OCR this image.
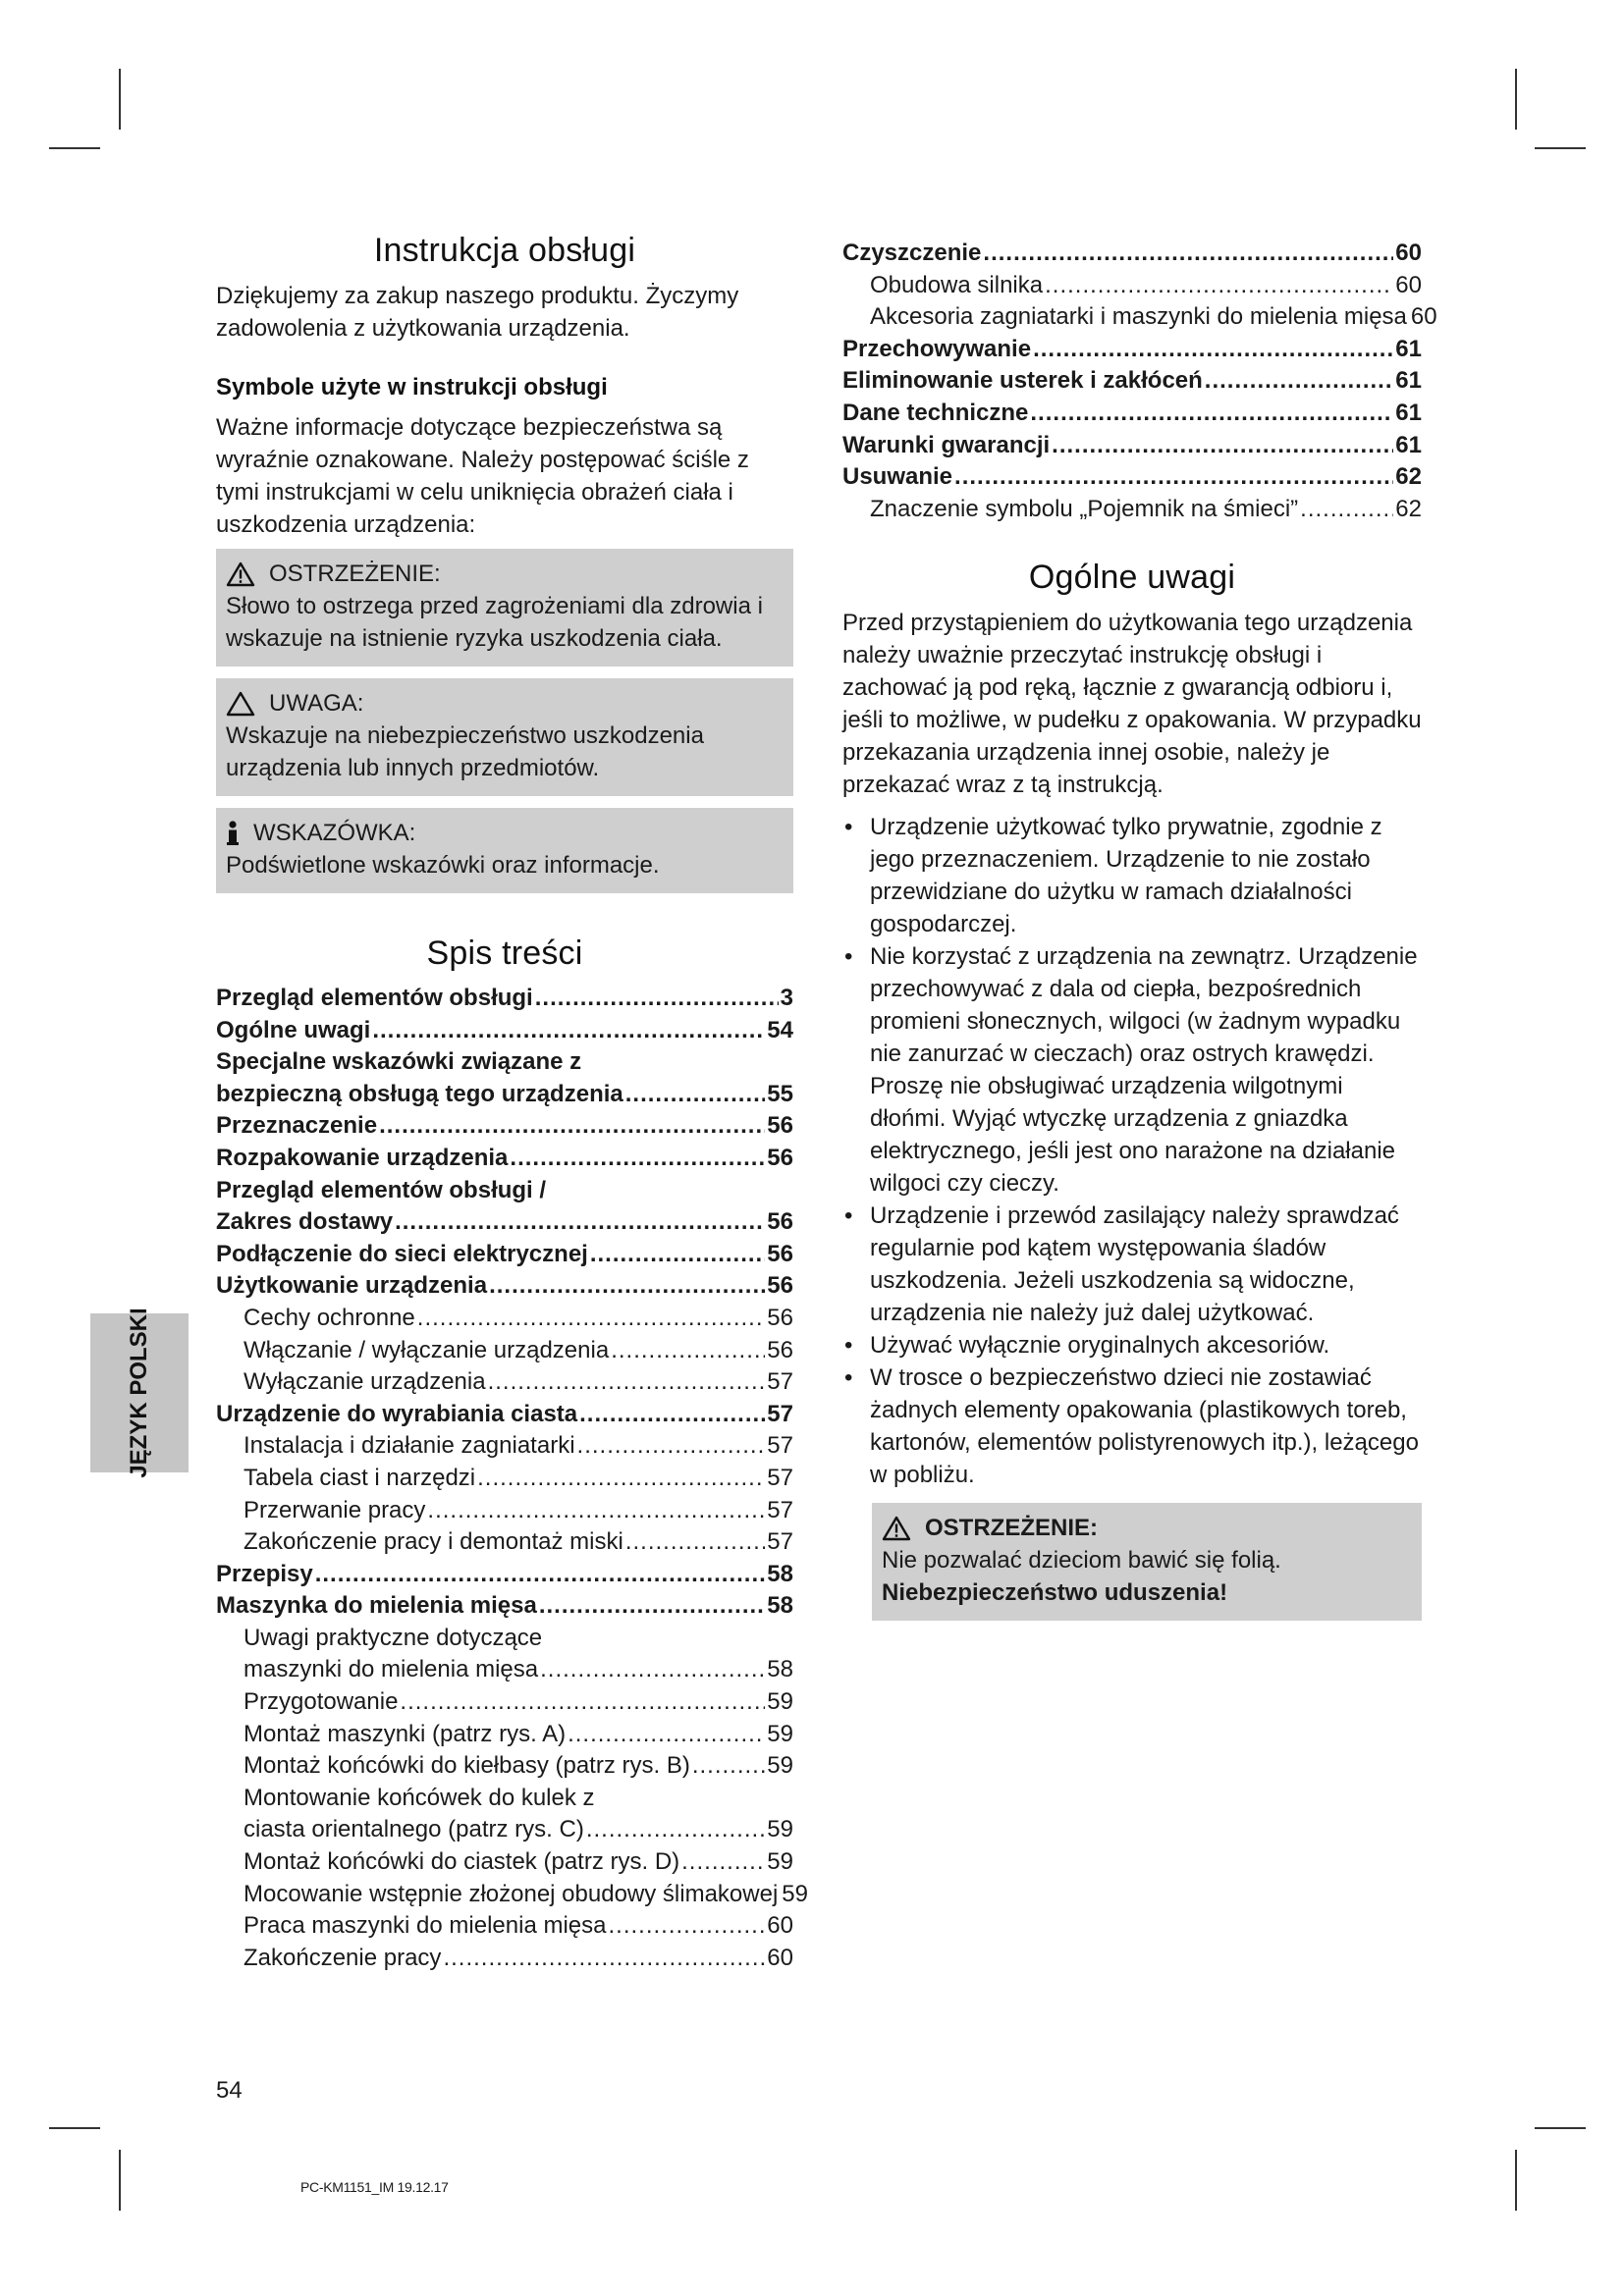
JĘZYK POLSKI
Instrukcja obsługi

Dziękujemy za zakup naszego produktu. Życzymy zadowolenia z użytkowania urządzenia.

Symbole użyte w instrukcji obsługi

Ważne informacje dotyczące bezpieczeństwa są wyraźnie oznakowane. Należy postępować ściśle z tymi instrukcjami w celu uniknięcia obrażeń ciała i uszkodzenia urządzenia:

OSTRZEŻENIE:
Słowo to ostrzega przed zagrożeniami dla zdrowia i wskazuje na istnienie ryzyka uszkodzenia ciała.
UWAGA:
Wskazuje na niebezpieczeństwo uszkodzenia urządzenia lub innych przedmiotów.
WSKAZÓWKA:
Podświetlone wskazówki oraz informacje.
Spis treści
Przegląd elementów obsługi .....	3
Ogólne uwagi .....	54
Specjalne wskazówki związane z
bezpieczną obsługą tego urządzenia .....	55
Przeznaczenie .....	56
Rozpakowanie urządzenia .....	56
Przegląd elementów obsługi /
Zakres dostawy .....	56
Podłączenie do sieci elektrycznej .....	56
Użytkowanie urządzenia .....	56
Cechy ochronne .....	56
Włączanie / wyłączanie urządzenia .....	56
Wyłączanie urządzenia .....	57
Urządzenie do wyrabiania ciasta .....	57
Instalacja i działanie zagniatarki .....	57
Tabela ciast i narzędzi .....	57
Przerwanie pracy .....	57
Zakończenie pracy i demontaż miski .....	57
Przepisy .....	58
Maszynka do mielenia mięsa .....	58
Uwagi praktyczne dotyczące
maszynki do mielenia mięsa .....	58
Przygotowanie .....	59
Montaż maszynki (patrz rys. A) .....	59
Montaż końcówki do kiełbasy (patrz rys. B) .....	59
Montowanie końcówek do kulek z
ciasta orientalnego (patrz rys. C) .....	59
Montaż końcówki do ciastek (patrz rys. D) .....	59
Mocowanie wstępnie złożonej obudowy ślimakowej 59
Praca maszynki do mielenia mięsa .....	60
Zakończenie pracy .....	60
Czyszczenie .....	60
Obudowa silnika .....	60
Akcesoria zagniatarki i maszynki do mielenia mięsa 60
Przechowywanie .....	61
Eliminowanie usterek i zakłóceń .....	61
Dane techniczne .....	61
Warunki gwarancji .....	61
Usuwanie .....	62
Znaczenie symbolu „Pojemnik na śmieci” .....	62
Ogólne uwagi

Przed przystąpieniem do użytkowania tego urządzenia należy uważnie przeczytać instrukcję obsługi i zachować ją pod ręką, łącznie z gwarancją odbioru i, jeśli to możliwe, w pudełku z opakowania. W przypadku przekazania urządzenia innej osobie, należy je przekazać wraz z tą instrukcją.

• Urządzenie użytkować tylko prywatnie, zgodnie z jego przeznaczeniem. Urządzenie to nie zostało przewidziane do użytku w ramach działalności gospodarczej.
• Nie korzystać z urządzenia na zewnątrz. Urządzenie przechowywać z dala od ciepła, bezpośrednich promieni słonecznych, wilgoci (w żadnym wypadku nie zanurzać w cieczach) oraz ostrych krawędzi. Proszę nie obsługiwać urządzenia wilgotnymi dłońmi. Wyjąć wtyczkę urządzenia z gniazdka elektrycznego, jeśli jest ono narażone na działanie wilgoci czy cieczy.
• Urządzenie i przewód zasilający należy sprawdzać regularnie pod kątem występowania śladów uszkodzenia. Jeżeli uszkodzenia są widoczne, urządzenia nie należy już dalej użytkować.
• Używać wyłącznie oryginalnych akcesoriów.
• W trosce o bezpieczeństwo dzieci nie zostawiać żadnych elementy opakowania (plastikowych toreb, kartonów, elementów polistyrenowych itp.), leżącego w pobliżu.
OSTRZEŻENIE:
Nie pozwalać dzieciom bawić się folią. Niebezpieczeństwo uduszenia!
54
PC-KM1151_IM 19.12.17
